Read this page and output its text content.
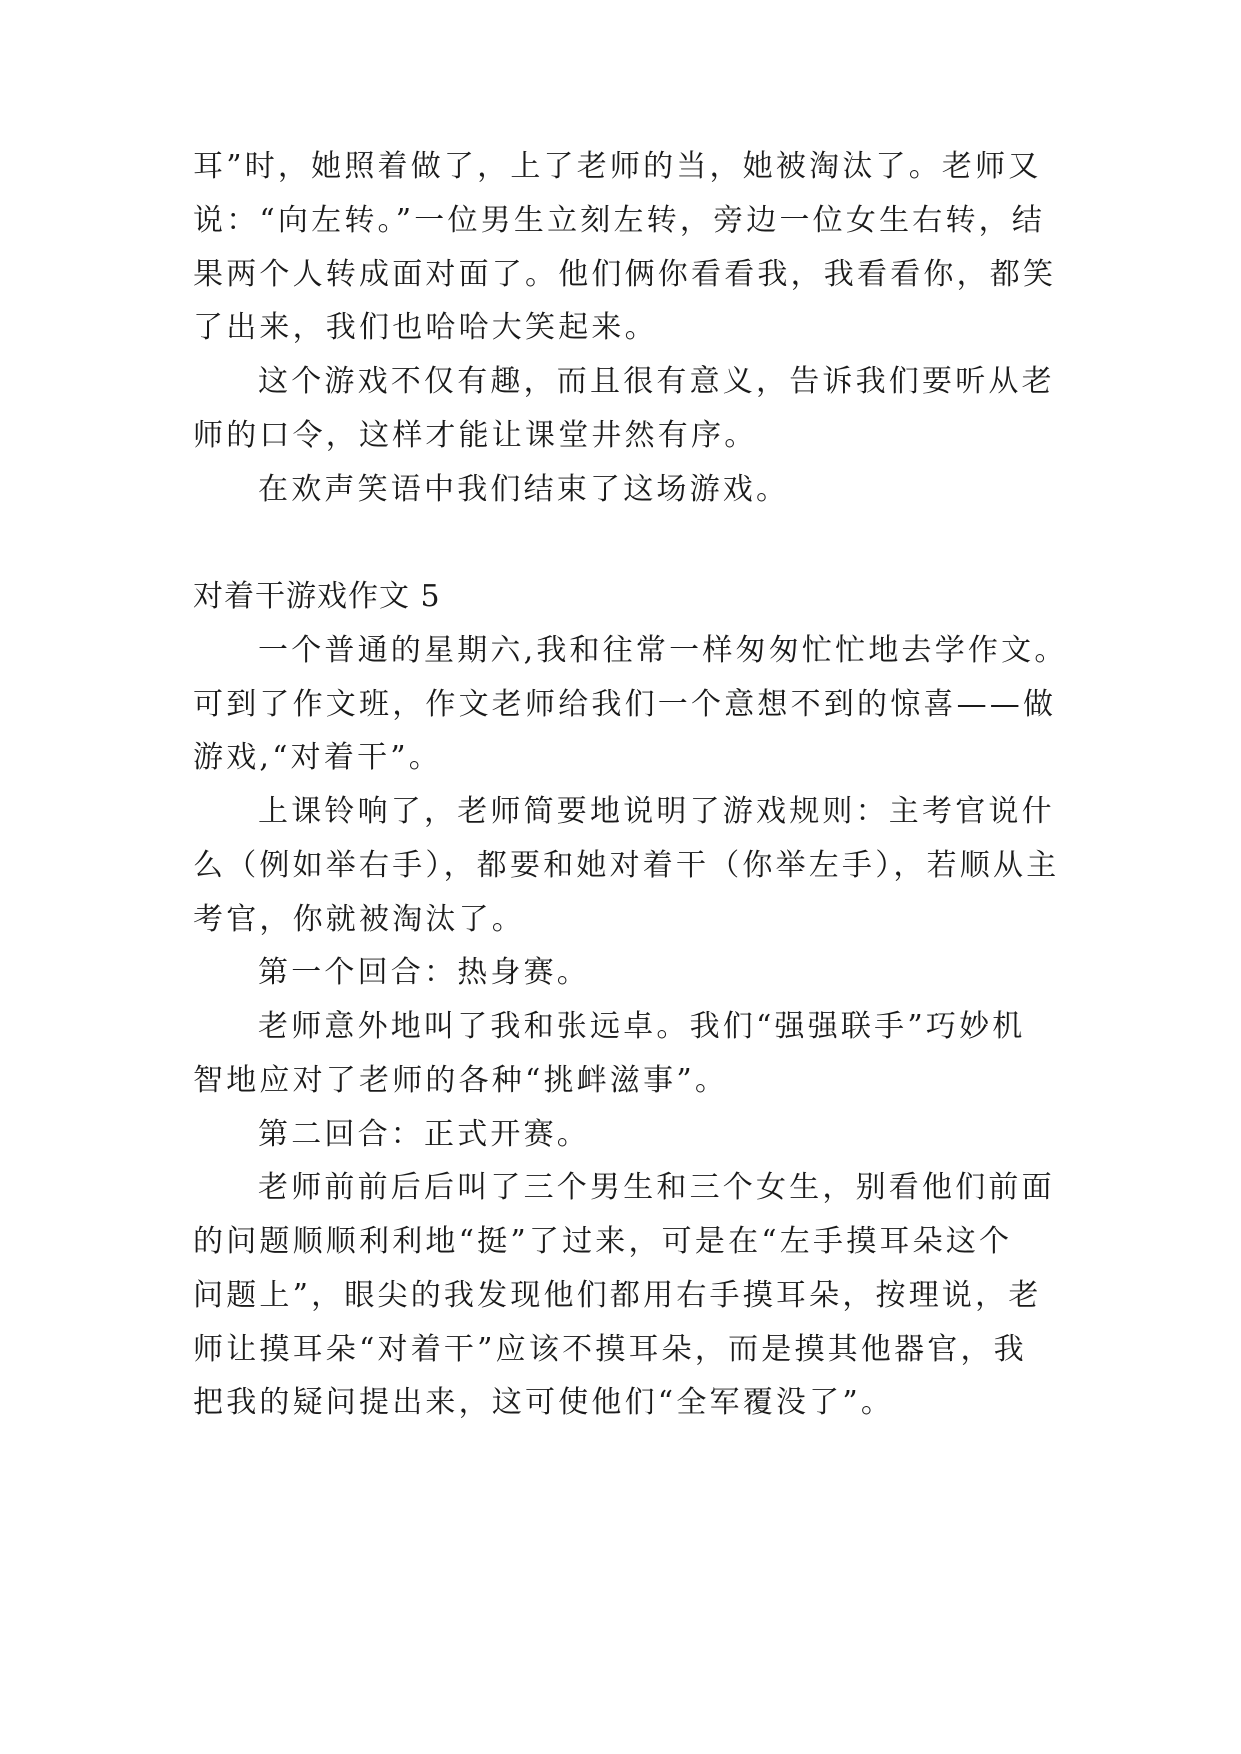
耳”时，她照着做了，上了老师的当，她被淘汰了。老师又
说：“向左转。”一位男生立刻左转，旁边一位女生右转，结
果两个人转成面对面了。他们俩你看看我，我看看你，都笑
了出来，我们也哈哈大笑起来。
这个游戏不仅有趣，而且很有意义，告诉我们要听从老
师的口令，这样才能让课堂井然有序。
在欢声笑语中我们结束了这场游戏。
对着干游戏作文 5
一个普通的星期六,我和往常一样匆匆忙忙地去学作文。
可到了作文班，作文老师给我们一个意想不到的惊喜——做
游戏,“对着干”。
上课铃响了，老师简要地说明了游戏规则：主考官说什
么（例如举右手），都要和她对着干（你举左手），若顺从主
考官，你就被淘汰了。
第一个回合：热身赛。
老师意外地叫了我和张远卓。我们“强强联手”巧妙机
智地应对了老师的各种“挑衅滋事”。
第二回合：正式开赛。
老师前前后后叫了三个男生和三个女生，别看他们前面
的问题顺顺利利地“挺”了过来，可是在“左手摸耳朵这个
问题上”，眼尖的我发现他们都用右手摸耳朵，按理说，老
师让摸耳朵“对着干”应该不摸耳朵，而是摸其他器官，我
把我的疑问提出来，这可使他们“全军覆没了”。
